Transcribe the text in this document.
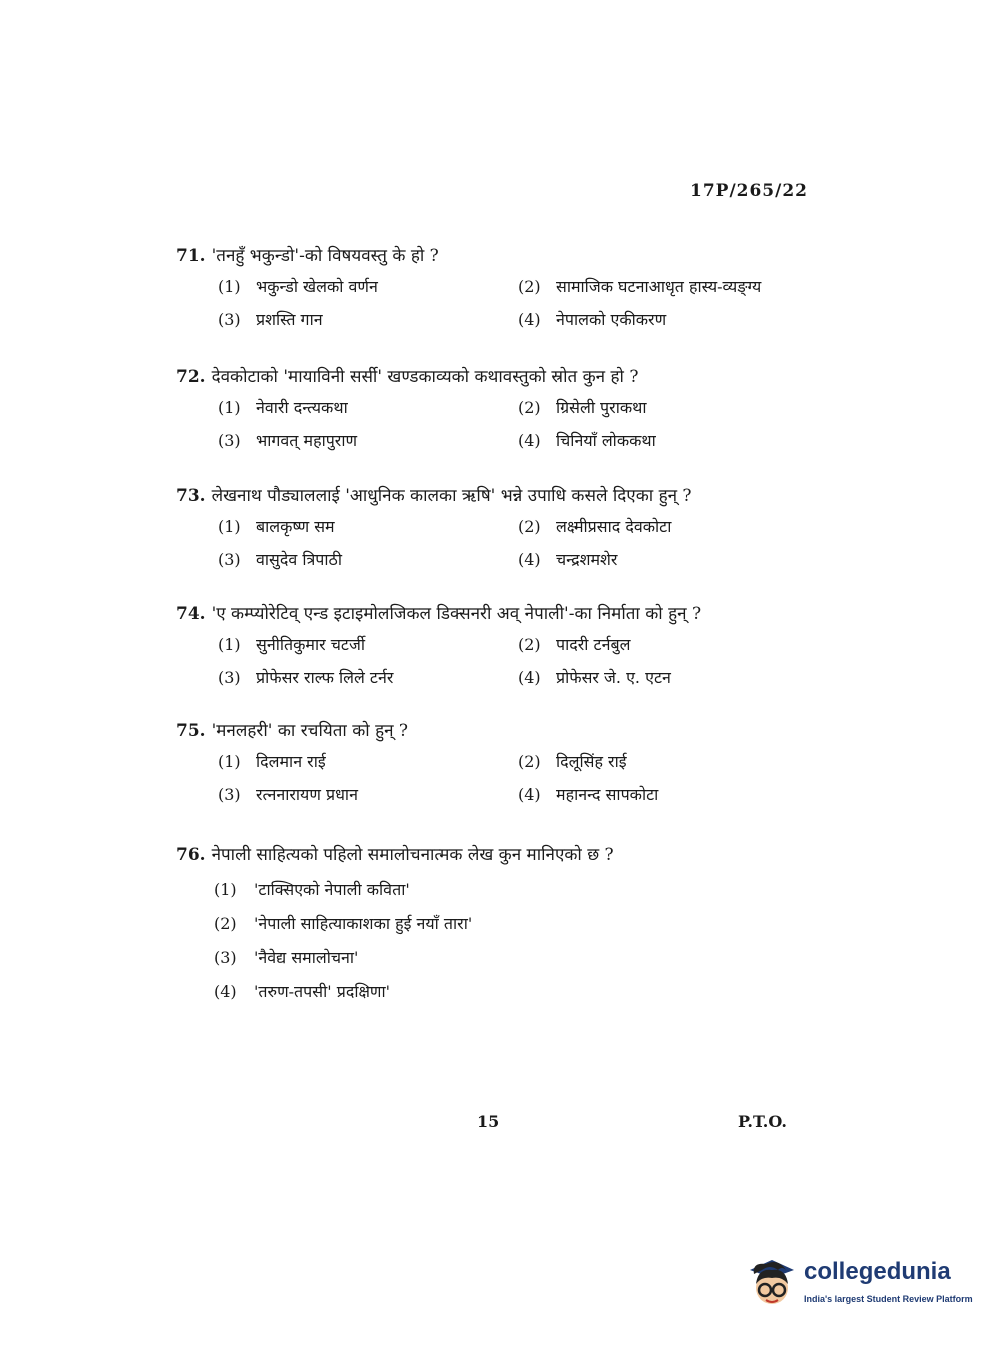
17P/265/22
71. 'तनहुँ भकुन्डो'-को विषयवस्तु के हो ?
(1) भकुन्डो खेलको वर्णन	(2) सामाजिक घटनाआधृत हास्य-व्यङ्ग्य
(3) प्रशस्ति गान	(4) नेपालको एकीकरण
72. देवकोटाको 'मायाविनी सर्सी' खण्डकाव्यको कथावस्तुको स्रोत कुन हो ?
(1) नेवारी दन्त्यकथा	(2) ग्रिसेली पुराकथा
(3) भागवत् महापुराण	(4) चिनियाँ लोककथा
73. लेखनाथ पौड्याललाई 'आधुनिक कालका ऋषि' भन्ने उपाधि कसले दिएका हुन् ?
(1) बालकृष्ण सम	(2) लक्ष्मीप्रसाद देवकोटा
(3) वासुदेव त्रिपाठी	(4) चन्द्रशमशेर
74. 'ए कम्प्योरेटिव् एन्ड इटाइमोलजिकल डिक्सनरी अव् नेपाली'-का निर्माता को हुन् ?
(1) सुनीतिकुमार चटर्जी	(2) पादरी टर्नबुल
(3) प्रोफेसर राल्फ लिले टर्नर	(4) प्रोफेसर जे. ए. एटन
75. 'मनलहरी' का रचयिता को हुन् ?
(1) दिलमान राई	(2) दिलूसिंह राई
(3) रत्ननारायण प्रधान	(4) महानन्द सापकोटा
76. नेपाली साहित्यको पहिलो समालोचनात्मक लेख कुन मानिएको छ ?
(1) 'टाक्सिएको नेपाली कविता'
(2) 'नेपाली साहित्याकाशका हुई नयाँ तारा'
(3) 'नैवेद्य समालोचना'
(4) 'तरुण-तपसी' प्रदक्षिणा'
15	P.T.O.
collegedunia
India's largest Student Review Platform
